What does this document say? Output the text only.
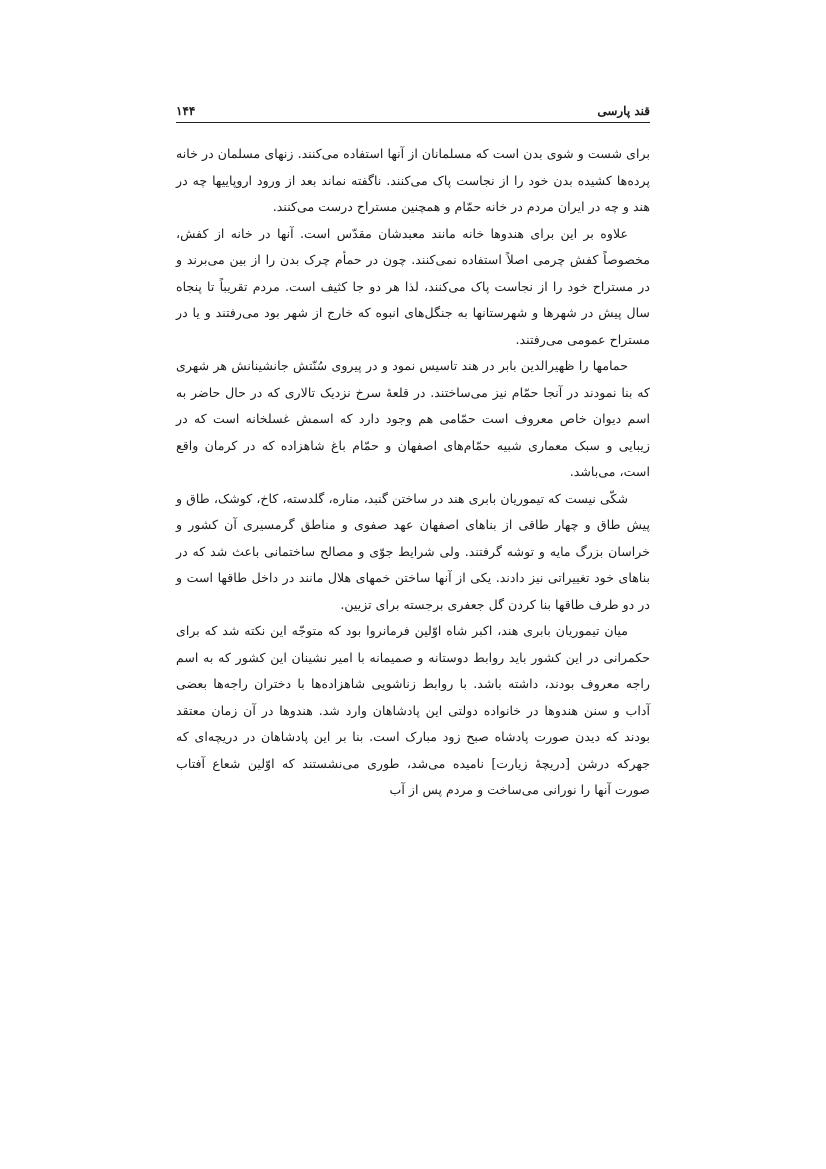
قند پارسی
۱۴۴

برای شست و شوی بدن است که مسلمانان از آنها استفاده می‌کنند. زنهای مسلمان در خانه پرده‌ها کشیده بدن خود را از نجاست پاک می‌کنند. ناگفته نماند بعد از ورود اروپاییها چه در هند و چه در ایران مردم در خانه حمّام و همچنین مستراح درست می‌کنند.

علاوه بر این برای هندوها خانه مانند معبدشان مقدّس است. آنها در خانه از کفش، مخصوصاً کفش چرمی اصلاً استفاده نمی‌کنند. چون در حمأم چرک بدن را از بین می‌برند و در مستراح خود را از نجاست پاک می‌کنند، لذا هر دو جا کثیف است. مردم تقریباً تا پنجاه سال پیش در شهرها و شهرستانها به جنگل‌های انبوه که خارج از شهر بود می‌رفتند و یا در مستراح عمومی می‌رفتند.

حمامها را ظهیرالدین بابر در هند تاسیس نمود و در پیروی سُنّتش جانشینانش هر شهری که بنا نمودند در آنجا حمّام نیز می‌ساختند. در قلعهٔ سرخ نزدیک تالاری که در حال حاضر به اسم دیوان خاص معروف است حمّامی هم وجود دارد که اسمش غسلخانه است که در زیبایی و سبک معماری شبیه حمّام‌های اصفهان و حمّام باغ شاهزاده که در کرمان واقع است، می‌باشد.

شکّی نیست که تیموریان بابری هند در ساختن گنبد، مناره، گلدسته، کاخ، کوشک، طاق و پیش طاق و چهار طاقی از بناهای اصفهان عهد صفوی و مناطق گرمسیری آن کشور و خراسان بزرگ مایه و توشه گرفتند. ولی شرایط جوّی و مصالح ساختمانی باعث شد که در بناهای خود تغییراتی نیز دادند. یکی از آنها ساختن خمهای هلال مانند در داخل طاقها است و در دو طرف طاقها بنا کردن گل جعفری برجسته برای تزیین.

میان تیموریان بابری هند، اکبر شاه اوّلین فرمانروا بود که متوجّه این نکته شد که برای حکمرانی در این کشور باید روابط دوستانه و صمیمانه با امیر نشینان این کشور که به اسم راجه معروف بودند، داشته باشد. با روابط زناشویی شاهزاده‌ها با دختران راجه‌ها بعضی آداب و سنن هندوها در خانواده دولتی این پادشاهان وارد شد. هندوها در آن زمان معتقد بودند که دیدن صورت پادشاه صبح زود مبارک است. بنا بر این پادشاهان در دریچه‌ای که جهرکه درشن [دریچهٔ زیارت] نامیده می‌شد، طوری می‌نشستند که اوّلین شعاع آفتاب صورت آنها را نورانی می‌ساخت و مردم پس از آب
